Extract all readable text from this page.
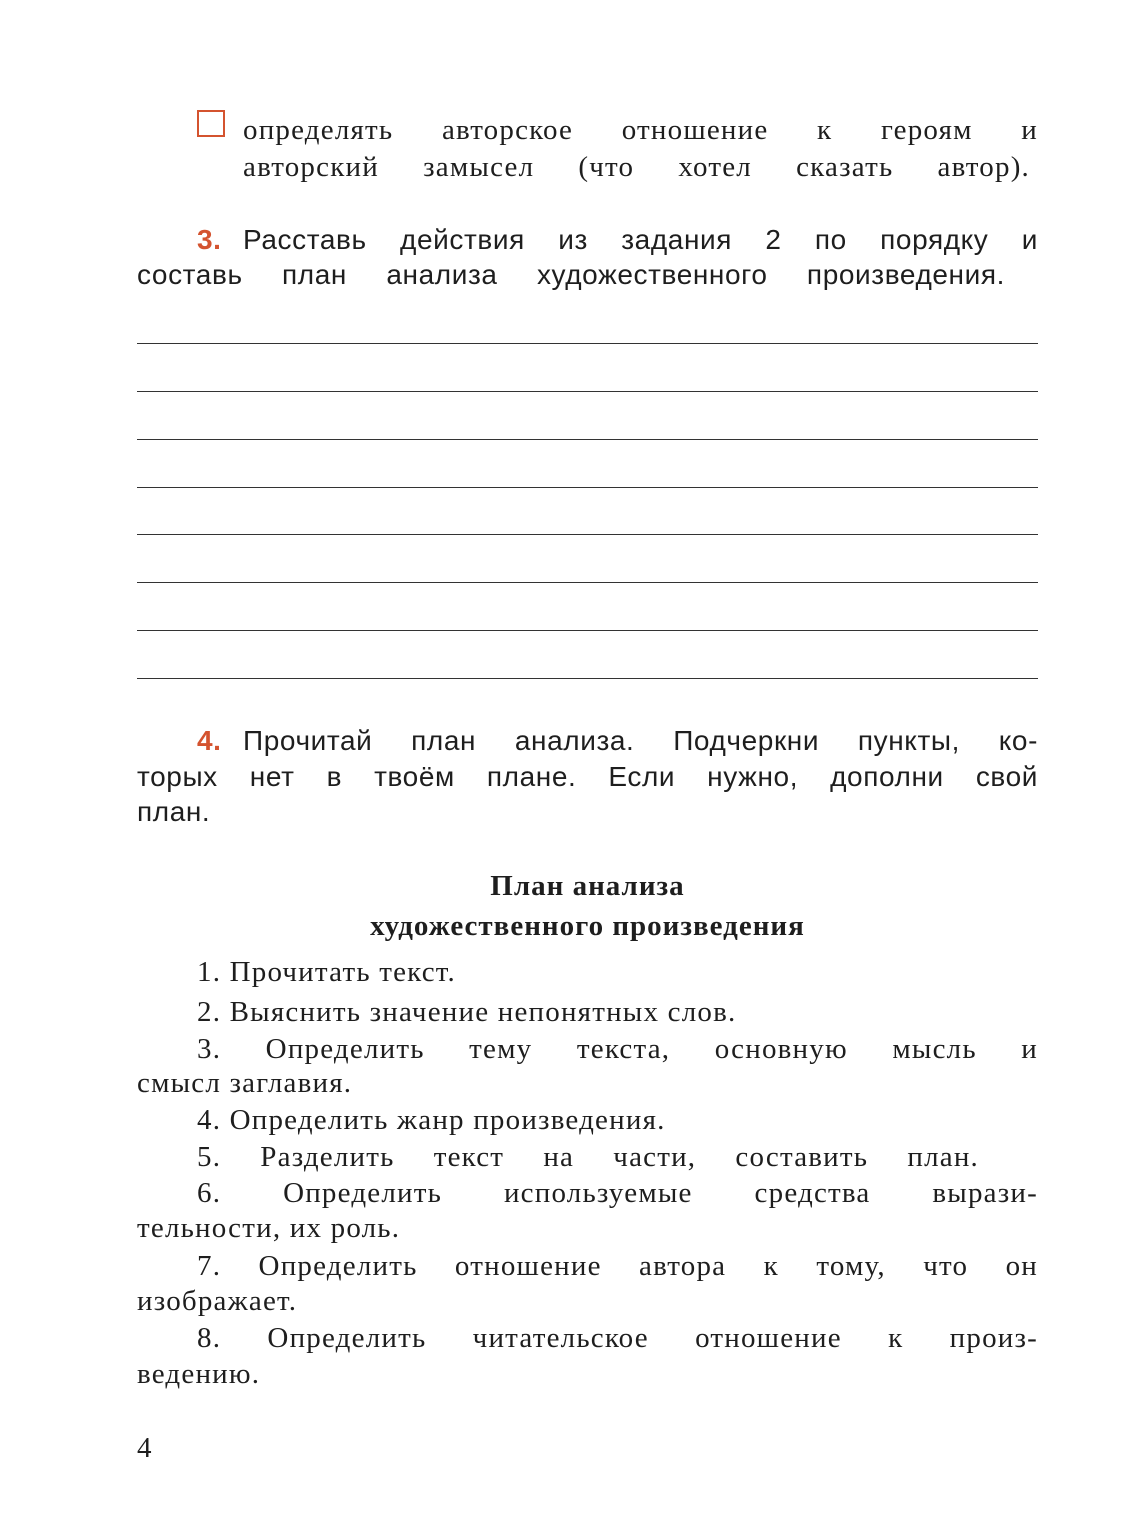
определять авторское отношение к героям и
авторский замысел (что хотел сказать автор).
3. Расставь действия из задания 2 по порядку и
составь план анализа художественного произведения.
4. Прочитай план анализа. Подчеркни пункты, ко-
торых нет в твоём плане. Если нужно, дополни свой
план.
План анализа
художественного произведения
1. Прочитать текст.
2. Выяснить значение непонятных слов.
3. Определить тему текста, основную мысль и
смысл заглавия.
4. Определить жанр произведения.
5. Разделить текст на части, составить план.
6. Определить используемые средства вырази-
тельности, их роль.
7. Определить отношение автора к тому, что он
изображает.
8. Определить читательское отношение к произ-
ведению.
4
